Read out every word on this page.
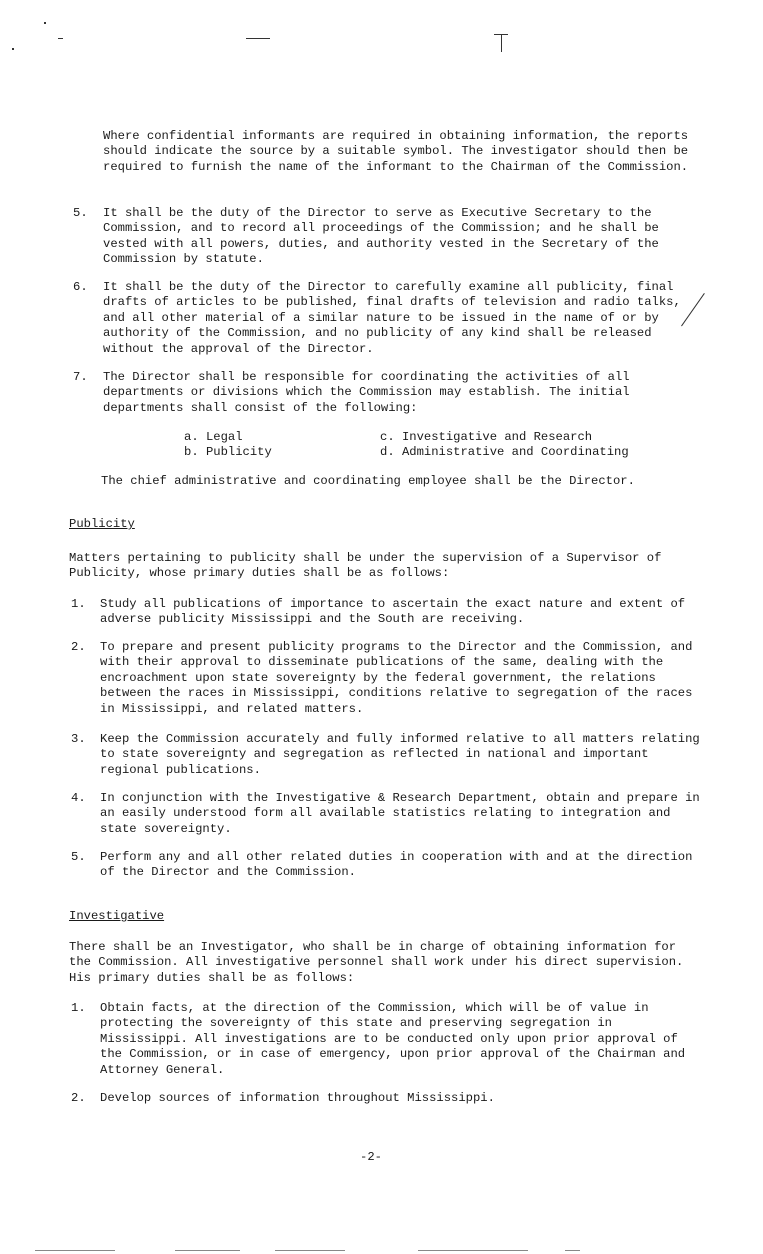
Where confidential informants are required in obtaining information, the reports should indicate the source by a suitable symbol. The investigator should then be required to furnish the name of the informant to the Chairman of the Commission.

5. It shall be the duty of the Director to serve as Executive Secretary to the Commission, and to record all proceedings of the Commission; and he shall be vested with all powers, duties, and authority vested in the Secretary of the Commission by statute.

6. It shall be the duty of the Director to carefully examine all publicity, final drafts of articles to be published, final drafts of television and radio talks, and all other material of a similar nature to be issued in the name of or by authority of the Commission, and no publicity of any kind shall be released without the approval of the Director.

7. The Director shall be responsible for coordinating the activities of all departments or divisions which the Commission may establish. The initial departments shall consist of the following:

a. Legal
b. Publicity
c. Investigative and Research
d. Administrative and Coordinating

The chief administrative and coordinating employee shall be the Director.

Publicity

Matters pertaining to publicity shall be under the supervision of a Supervisor of Publicity, whose primary duties shall be as follows:

1. Study all publications of importance to ascertain the exact nature and extent of adverse publicity Mississippi and the South are receiving.

2. To prepare and present publicity programs to the Director and the Commission, and with their approval to disseminate publications of the same, dealing with the encroachment upon state sovereignty by the federal government, the relations between the races in Mississippi, conditions relative to segregation of the races in Mississippi, and related matters.

3. Keep the Commission accurately and fully informed relative to all matters relating to state sovereignty and segregation as reflected in national and important regional publications.

4. In conjunction with the Investigative & Research Department, obtain and prepare in an easily understood form all available statistics relating to integration and state sovereignty.

5. Perform any and all other related duties in cooperation with and at the direction of the Director and the Commission.

Investigative

There shall be an Investigator, who shall be in charge of obtaining information for the Commission. All investigative personnel shall work under his direct supervision. His primary duties shall be as follows:

1. Obtain facts, at the direction of the Commission, which will be of value in protecting the sovereignty of this state and preserving segregation in Mississippi. All investigations are to be conducted only upon prior approval of the Commission, or in case of emergency, upon prior approval of the Chairman and Attorney General.

2. Develop sources of information throughout Mississippi.

-2-
